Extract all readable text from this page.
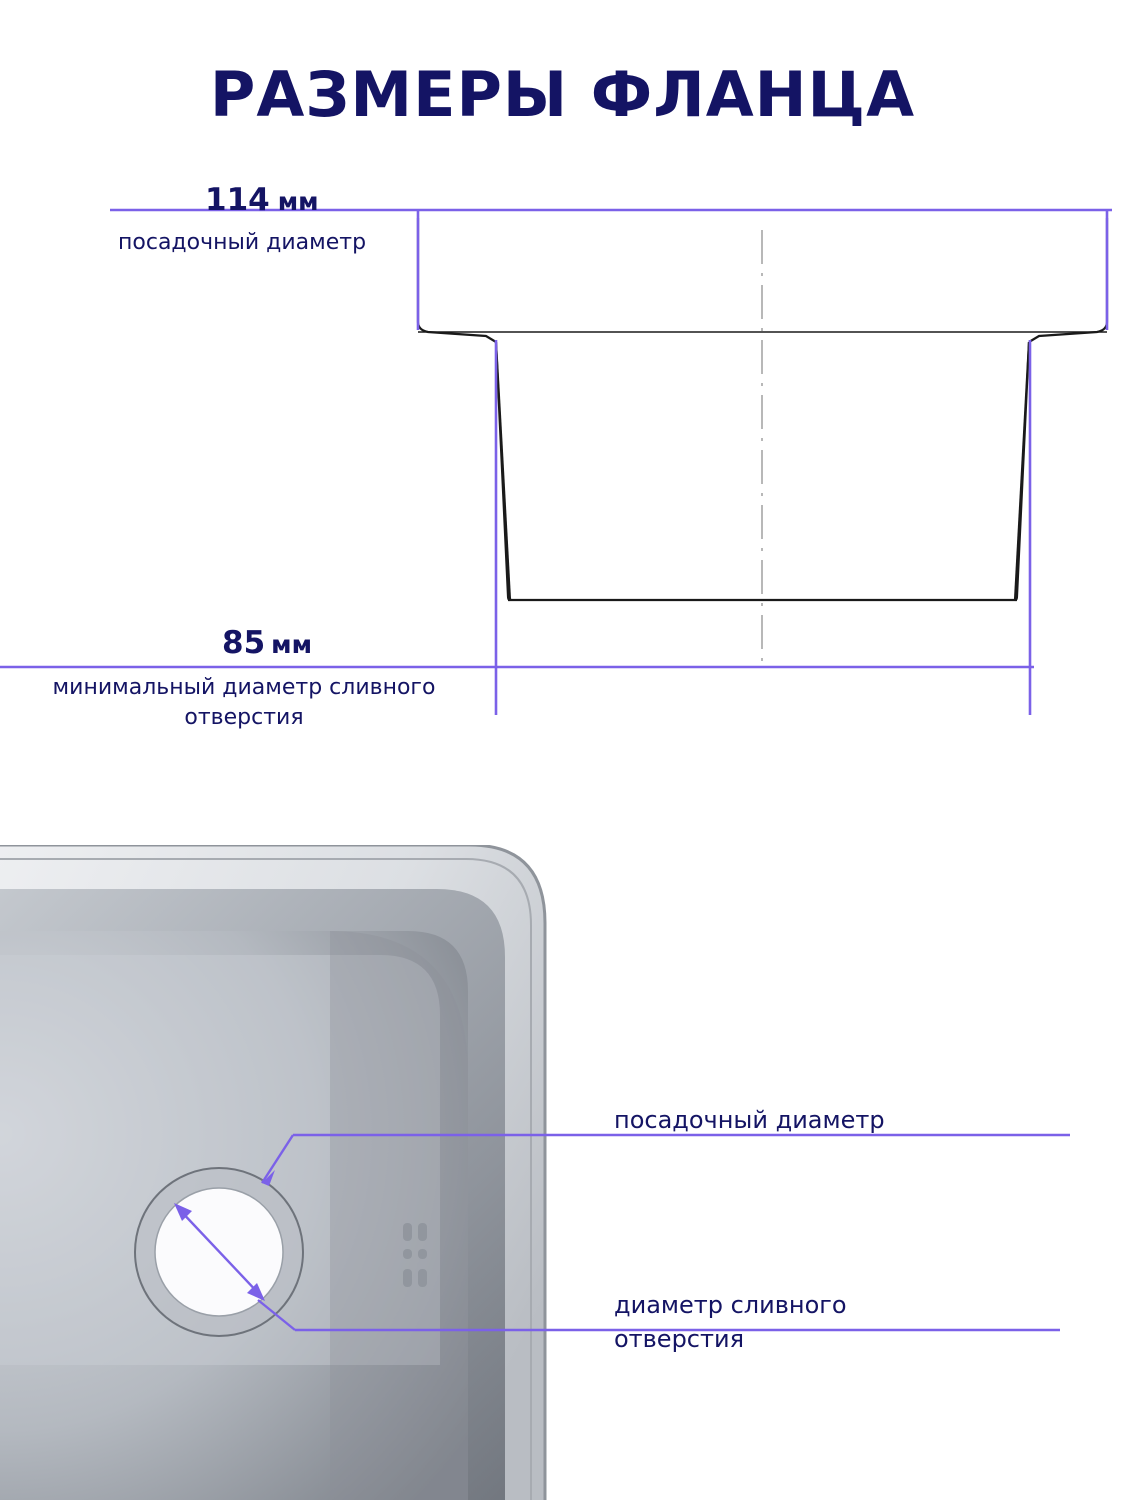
РАЗМЕРЫ ФЛАНЦА
114 мм
посадочный диаметр
85 мм
минимальный диаметр сливного
отверстия
посадочный диаметр
диаметр сливного
отверстия
